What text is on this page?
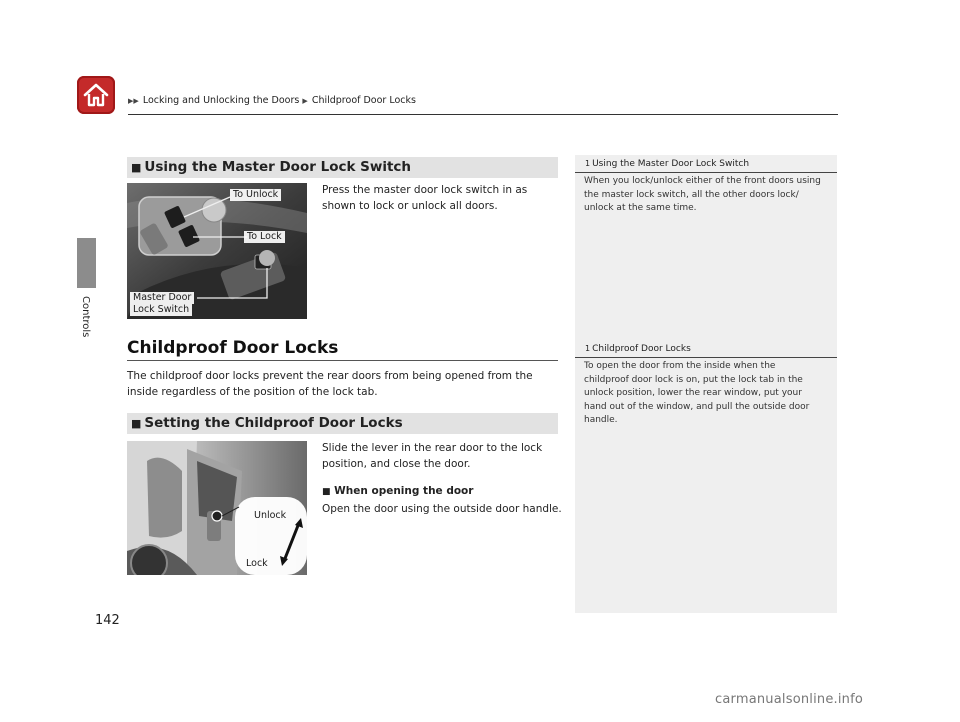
▶▶ Locking and Unlocking the Doors ▶ Childproof Door Locks
Controls
■ Using the Master Door Lock Switch
To Unlock
To Lock
Master Door
Lock Switch
Press the master door lock switch in as shown to lock or unlock all doors.
Childproof Door Locks
The childproof door locks prevent the rear doors from being opened from the inside regardless of the position of the lock tab.
■ Setting the Childproof Door Locks
Unlock
Lock
Slide the lever in the rear door to the lock position, and close the door.
■ When opening the door
Open the door using the outside door handle.
1 Using the Master Door Lock Switch
When you lock/unlock either of the front doors using the master lock switch, all the other doors lock/ unlock at the same time.
1 Childproof Door Locks
To open the door from the inside when the childproof door lock is on, put the lock tab in the unlock position, lower the rear window, put your hand out of the window, and pull the outside door handle.
142
carmanualsonline.info
